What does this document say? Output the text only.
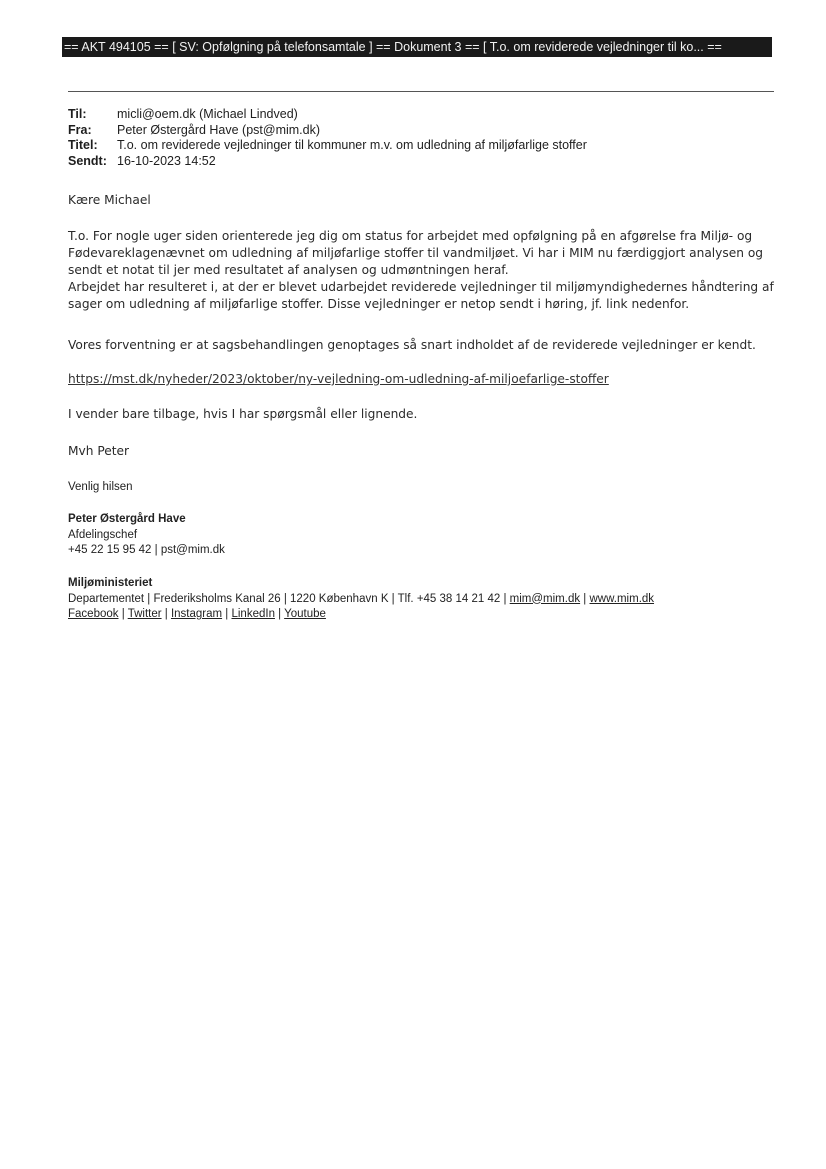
== AKT 494105 == [ SV: Opfølgning på telefonsamtale ] == Dokument 3 == [ T.o. om reviderede vejledninger til ko... ==
Til:	micli@oem.dk (Michael Lindved)
Fra:	Peter Østergård Have (pst@mim.dk)
Titel:	T.o. om reviderede vejledninger til kommuner m.v. om udledning af miljøfarlige stoffer
Sendt: 16-10-2023 14:52
Kære Michael
T.o. For nogle uger siden orienterede jeg dig om status for arbejdet med opfølgning på en afgørelse fra Miljø- og
Fødevareklagenævnet om udledning af miljøfarlige stoffer til vandmiljøet. Vi har i MIM nu færdiggjort analysen og
sendt et notat til jer med resultatet af analysen og udmøntningen heraf.
Arbejdet har resulteret i, at der er blevet udarbejdet reviderede vejledninger til miljømyndighedernes håndtering af
sager om udledning af miljøfarlige stoffer. Disse vejledninger er netop sendt i høring, jf. link nedenfor.
Vores forventning er at sagsbehandlingen genoptages så snart indholdet af de reviderede vejledninger er kendt.
https://mst.dk/nyheder/2023/oktober/ny-vejledning-om-udledning-af-miljoefarlige-stoffer
I vender bare tilbage, hvis I har spørgsmål eller lignende.
Mvh Peter
Venlig hilsen
Peter Østergård Have
Afdelingschef
+45 22 15 95 42 | pst@mim.dk
Miljøministeriet
Departementet | Frederiksholms Kanal 26 | 1220 København K | Tlf. +45 38 14 21 42 | mim@mim.dk | www.mim.dk
Facebook | Twitter | Instagram | LinkedIn | Youtube
